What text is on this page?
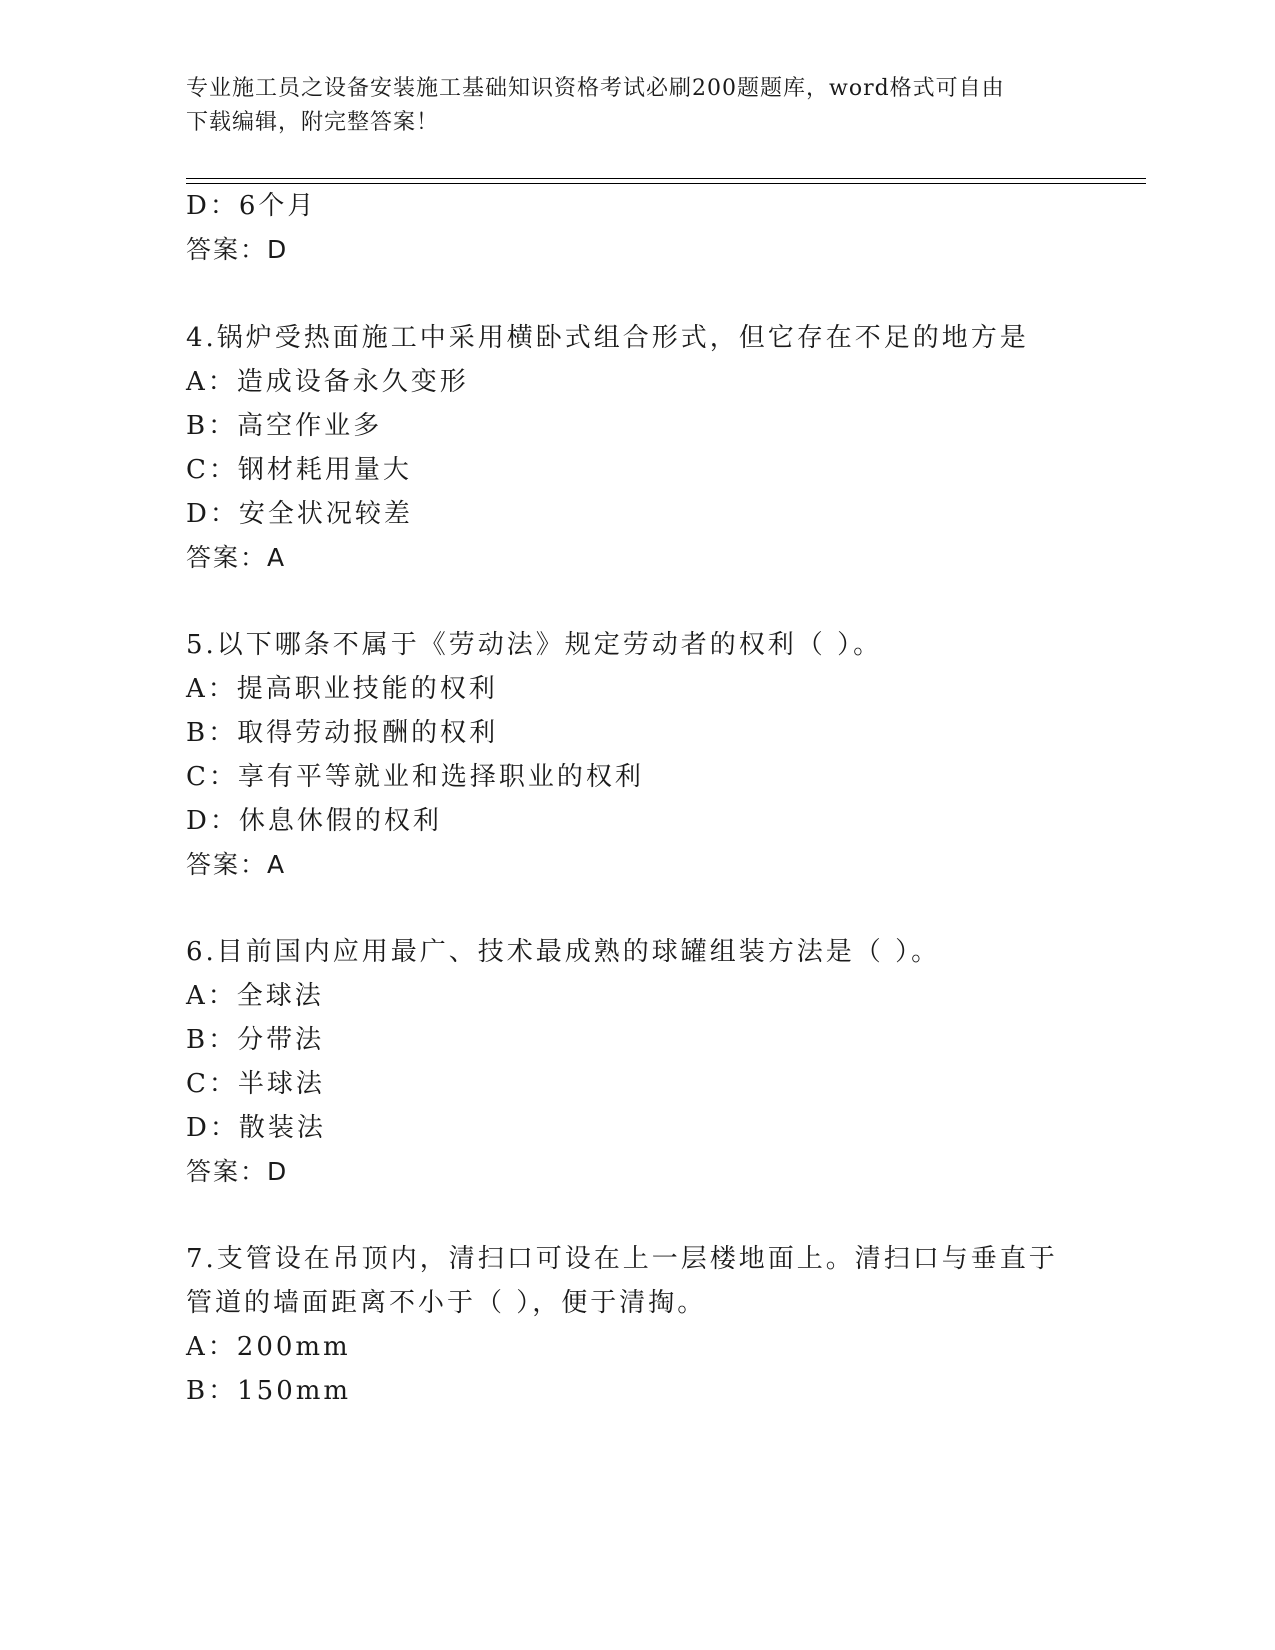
专业施工员之设备安装施工基础知识资格考试必刷200题题库，word格式可自由
下载编辑，附完整答案！
D：6个月
答案：D
4.锅炉受热面施工中采用横卧式组合形式，但它存在不足的地方是
A：造成设备永久变形
B：高空作业多
C：钢材耗用量大
D：安全状况较差
答案：A
5.以下哪条不属于《劳动法》规定劳动者的权利（ ）。
A：提高职业技能的权利
B：取得劳动报酬的权利
C：享有平等就业和选择职业的权利
D：休息休假的权利
答案：A
6.目前国内应用最广、技术最成熟的球罐组装方法是（ ）。
A：全球法
B：分带法
C：半球法
D：散装法
答案：D
7.支管设在吊顶内，清扫口可设在上一层楼地面上。清扫口与垂直于
管道的墙面距离不小于（ ），便于清掏。
A：200mm
B：150mm
